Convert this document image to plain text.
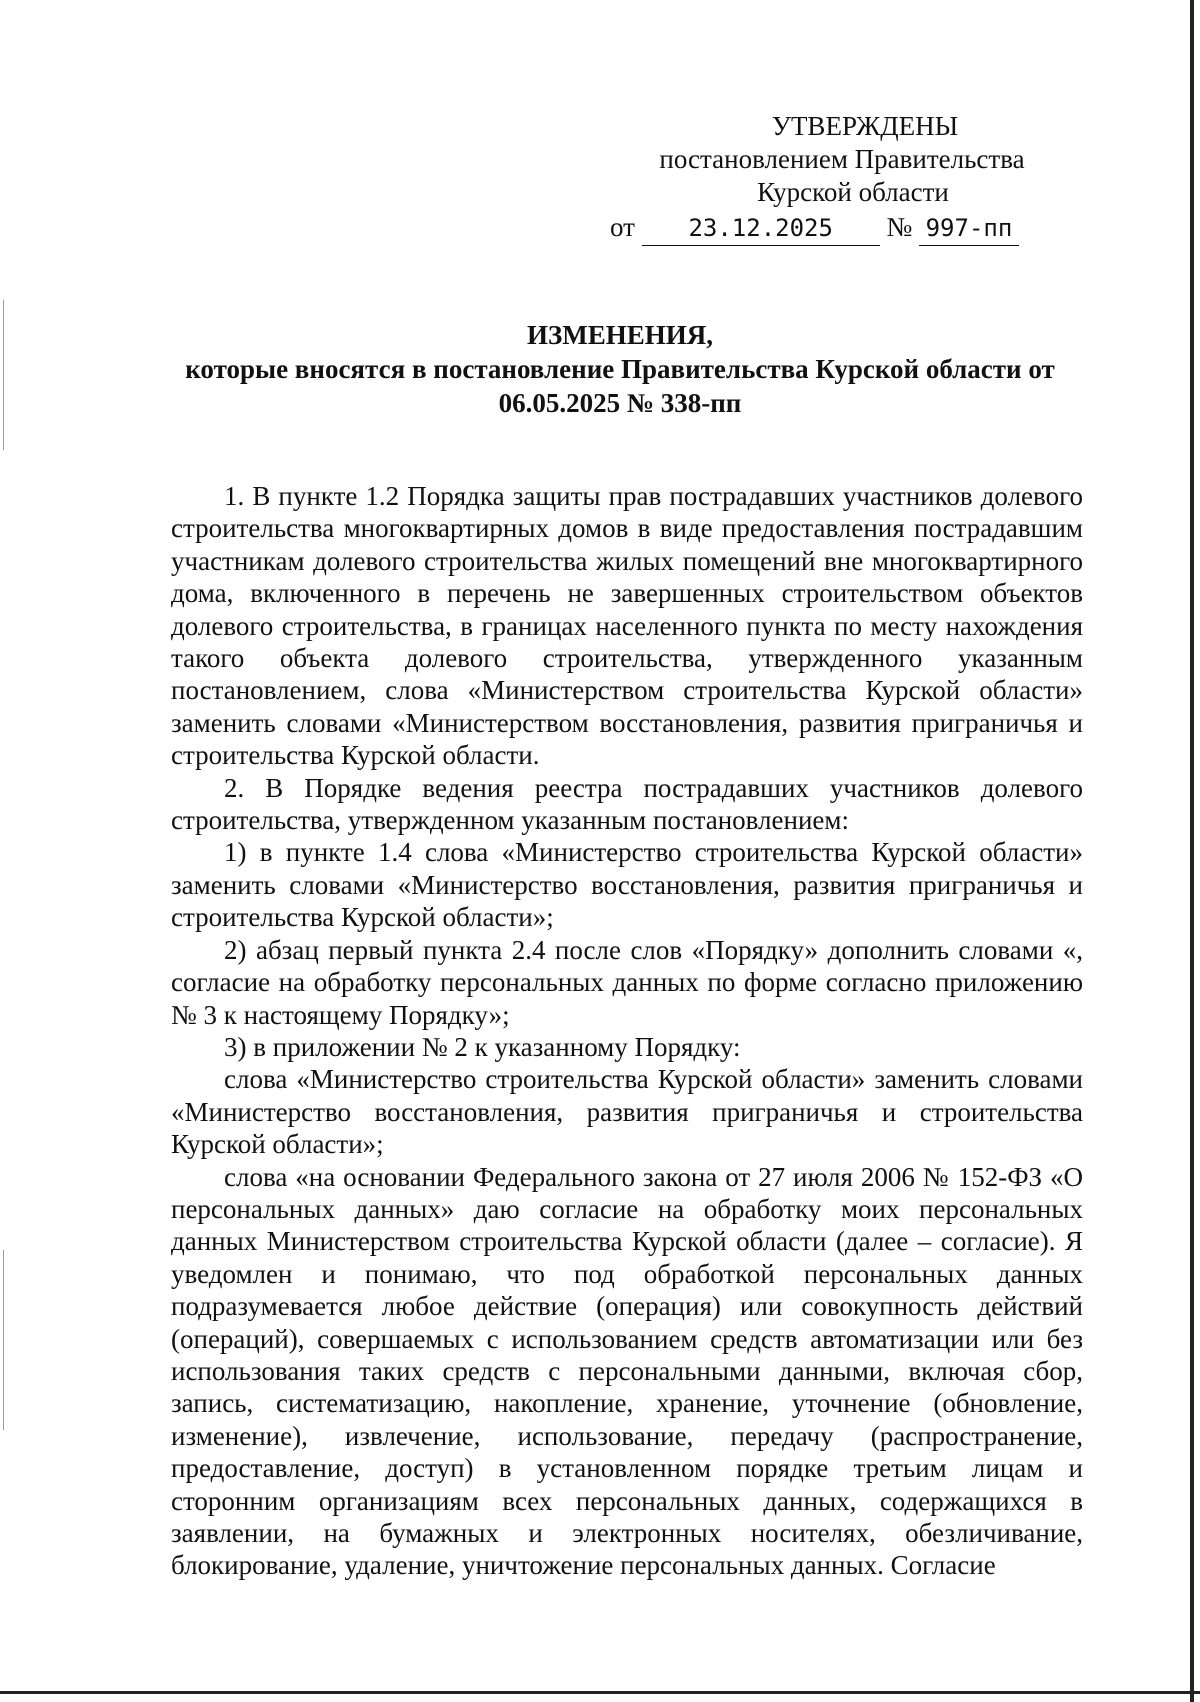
УТВЕРЖДЕНЫ
постановлением Правительства
Курской области
от 23.12.2025 № 997-пп
ИЗМЕНЕНИЯ,
которые вносятся в постановление Правительства Курской области от
06.05.2025 № 338-пп

1. В пункте 1.2 Порядка защиты прав пострадавших участников долевого строительства многоквартирных домов в виде предоставления пострадавшим участникам долевого строительства жилых помещений вне многоквартирного дома, включенного в перечень не завершенных строительством объектов долевого строительства, в границах населенного пункта по месту нахождения такого объекта долевого строительства, утвержденного указанным постановлением, слова «Министерством строительства Курской области» заменить словами «Министерством восстановления, развития приграничья и строительства Курской области.

2. В Порядке ведения реестра пострадавших участников долевого строительства, утвержденном указанным постановлением:

1) в пункте 1.4 слова «Министерство строительства Курской области» заменить словами «Министерство восстановления, развития приграничья и строительства Курской области»;

2) абзац первый пункта 2.4 после слов «Порядку» дополнить словами «, согласие на обработку персональных данных по форме согласно приложению № 3 к настоящему Порядку»;

3) в приложении № 2 к указанному Порядку:

слова «Министерство строительства Курской области» заменить словами «Министерство восстановления, развития приграничья и строительства Курской области»;

слова «на основании Федерального закона от 27 июля 2006 № 152-ФЗ «О персональных данных» даю согласие на обработку моих персональных данных Министерством строительства Курской области (далее – согласие). Я уведомлен и понимаю, что под обработкой персональных данных подразумевается любое действие (операция) или совокупность действий (операций), совершаемых с использованием средств автоматизации или без использования таких средств с персональными данными, включая сбор, запись, систематизацию, накопление, хранение, уточнение (обновление, изменение), извлечение, использование, передачу (распространение, предоставление, доступ) в установленном порядке третьим лицам и сторонним организациям всех персональных данных, содержащихся в заявлении, на бумажных и электронных носителях, обезличивание, блокирование, удаление, уничтожение персональных данных. Согласие
